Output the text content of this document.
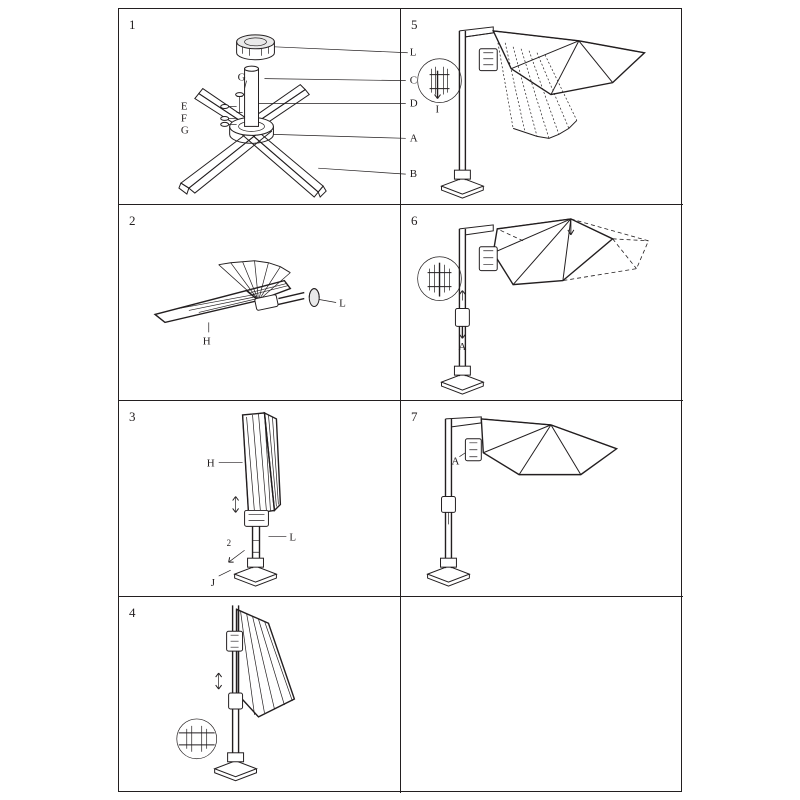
1
L
C
D
A
B
G
E
F
G
5
I
2
L
H
6
A
3
2
H
L
J
7
A
4
